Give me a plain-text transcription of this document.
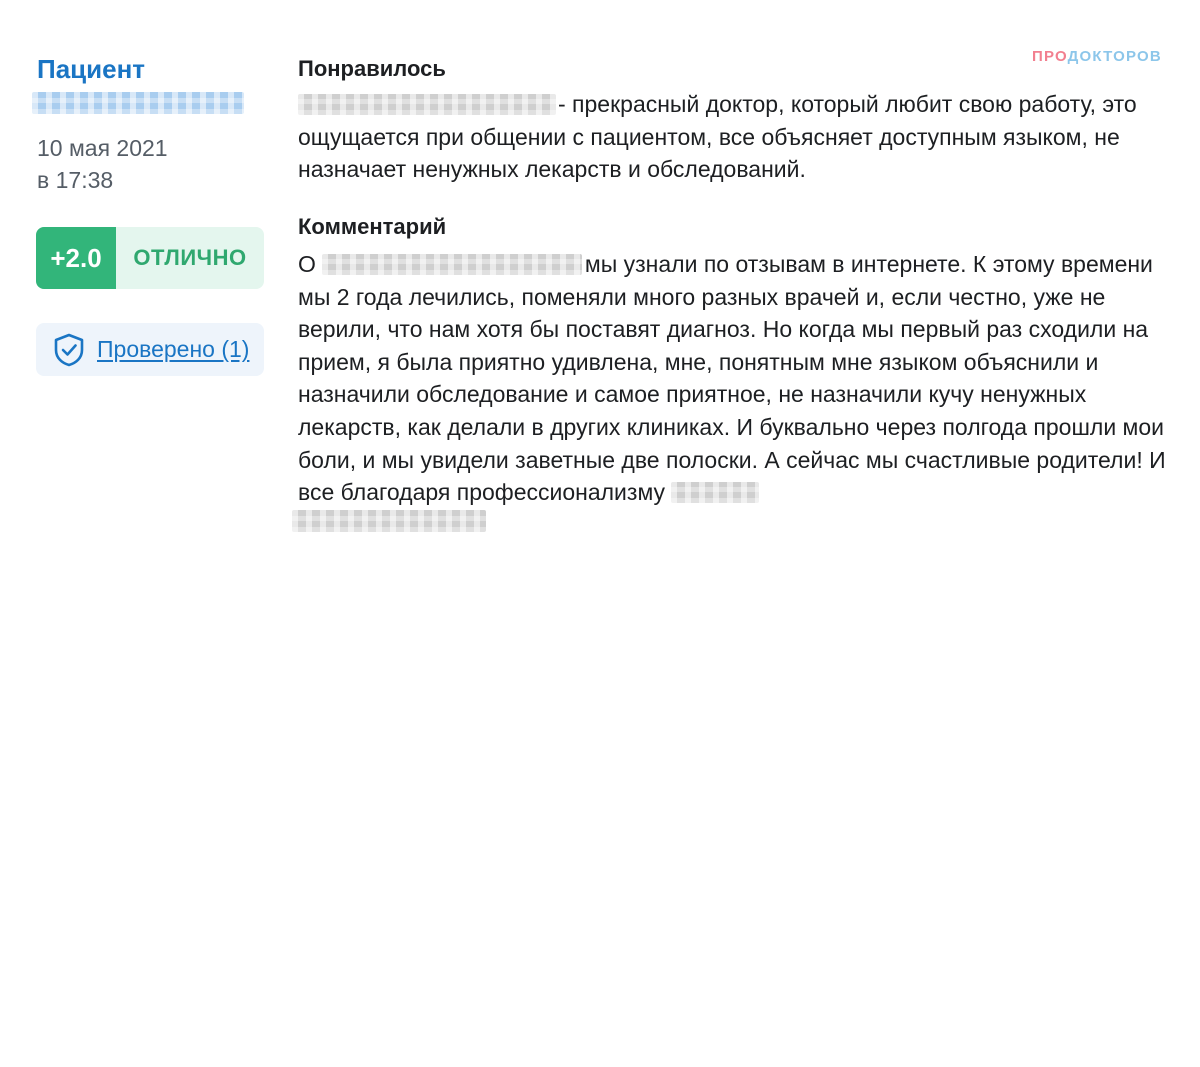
ПРОДОКТОРОВ
Пациент
10 мая 2021
в 17:38
+2.0	ОТЛИЧНО
Проверено (1)
Понравилось
- прекрасный доктор, который любит свою работу, это ощущается при общении с пациентом, все объясняет доступным языком, не назначает ненужных лекарств и обследований.
Комментарий
О	мы узнали по отзывам в интернете. К этому времени мы 2 года лечились, поменяли много разных врачей и, если честно, уже не верили, что нам хотя бы поставят диагноз. Но когда мы первый раз сходили на прием, я была приятно удивлена, мне, понятным мне языком объяснили и назначили обследование и самое приятное, не назначили кучу ненужных лекарств, как делали в других клиниках. И буквально через полгода прошли мои боли, и мы увидели заветные две полоски. А сейчас мы счастливые родители! И все благодаря профессионализму
